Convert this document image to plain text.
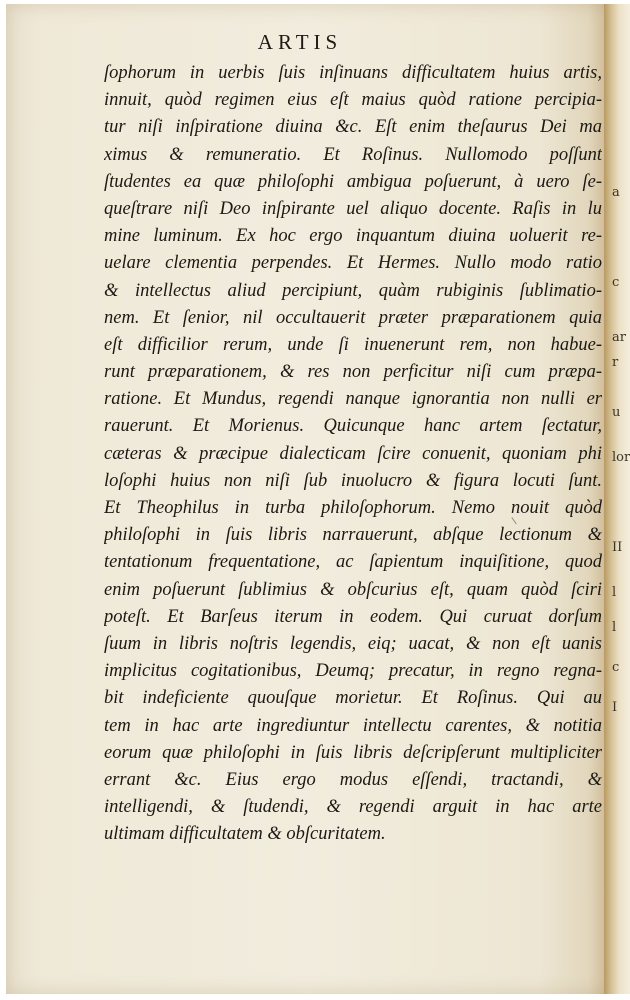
ARTIS
ſophorum in uerbis ſuis inſinuans difficultatem huius artis,
innuit, quòd regimen eius eſt maius quòd ratione percipia-
tur niſi inſpiratione diuina &c. Eſt enim theſaurus Dei ma
ximus & remuneratio. Et Roſinus. Nullomodo poſſunt
ſtudentes ea quæ philoſophi ambigua poſuerunt, à uero ſe-
queſtrare niſi Deo inſpirante uel aliquo docente. Raſis in lu
mine luminum. Ex hoc ergo inquantum diuina uoluerit re-
uelare clementia perpendes. Et Hermes. Nullo modo ratio
& intellectus aliud percipiunt, quàm rubiginis ſublimatio-
nem. Et ſenior, nil occultauerit præter præparationem quia
eſt difficilior rerum, unde ſi inuenerunt rem, non habue-
runt præparationem, & res non perficitur niſi cum præpa-
ratione. Et Mundus, regendi nanque ignorantia non nulli er
rauerunt. Et Morienus. Quicunque hanc artem ſectatur,
cæteras & præcipue dialecticam ſcire conuenit, quoniam phi
loſophi huius non niſi ſub inuolucro & figura locuti ſunt.
Et Theophilus in turba philoſophorum. Nemo nouit quòd
philoſophi in ſuis libris narrauerunt, abſque lectionum &
tentationum frequentatione, ac ſapientum inquiſitione, quod
enim poſuerunt ſublimius & obſcurius eſt, quam quòd ſciri
poteſt. Et Barſeus iterum in eodem. Qui curuat dorſum
ſuum in libris noſtris legendis, eiq; uacat, & non eſt uanis
implicitus cogitationibus, Deumq; precatur, in regno regna-
bit indeficiente quouſque morietur. Et Roſinus. Qui au
tem in hac arte ingrediuntur intellectu carentes, & notitia
eorum quæ philoſophi in ſuis libris deſcripſerunt multipliciter
errant &c. Eius ergo modus eſſendi, tractandi, &
intelligendi, & ſtudendi, & regendi arguit in hac arte
ultimam difficultatem & obſcuritatem.
a
c
ar
r
u
lor
II
l
l
c
I
